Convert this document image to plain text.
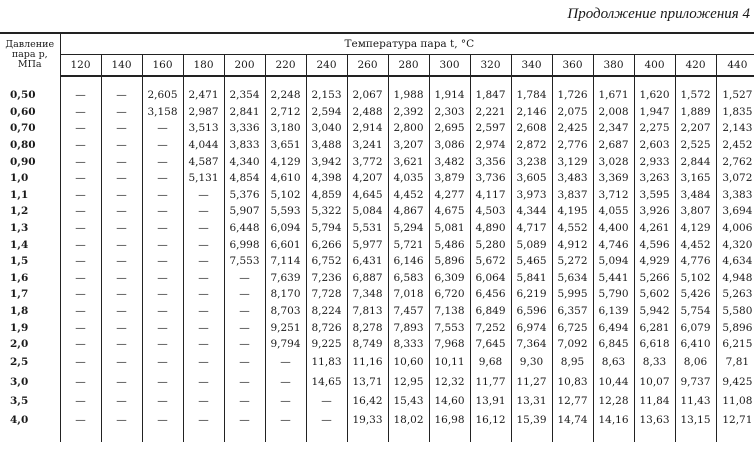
Продолжение приложения 4
Давление
пара p,
МПа	Температура пара t, °C																
	120	140	160	180	200	220	240	260	280	300	320	340	360	380	400	420	440
0,50	—	—	2,605	2,471	2,354	2,248	2,153	2,067	1,988	1,914	1,847	1,784	1,726	1,671	1,620	1,572	1,527
0,60	—	—	3,158	2,987	2,841	2,712	2,594	2,488	2,392	2,303	2,221	2,146	2,075	2,008	1,947	1,889	1,835
0,70	—	—	—	3,513	3,336	3,180	3,040	2,914	2,800	2,695	2,597	2,608	2,425	2,347	2,275	2,207	2,143
0,80	—	—	—	4,044	3,833	3,651	3,488	3,241	3,207	3,086	2,974	2,872	2,776	2,687	2,603	2,525	2,452
0,90	—	—	—	4,587	4,340	4,129	3,942	3,772	3,621	3,482	3,356	3,238	3,129	3,028	2,933	2,844	2,762
1,0	—	—	—	5,131	4,854	4,610	4,398	4,207	4,035	3,879	3,736	3,605	3,483	3,369	3,263	3,165	3,072
1,1	—	—	—	—	5,376	5,102	4,859	4,645	4,452	4,277	4,117	3,973	3,837	3,712	3,595	3,484	3,383
1,2	—	—	—	—	5,907	5,593	5,322	5,084	4,867	4,675	4,503	4,344	4,195	4,055	3,926	3,807	3,694
1,3	—	—	—	—	6,448	6,094	5,794	5,531	5,294	5,081	4,890	4,717	4,552	4,400	4,261	4,129	4,006
1,4	—	—	—	—	6,998	6,601	6,266	5,977	5,721	5,486	5,280	5,089	4,912	4,746	4,596	4,452	4,320
1,5	—	—	—	—	7,553	7,114	6,752	6,431	6,146	5,896	5,672	5,465	5,272	5,094	4,929	4,776	4,634
1,6	—	—	—	—	—	7,639	7,236	6,887	6,583	6,309	6,064	5,841	5,634	5,441	5,266	5,102	4,948
1,7	—	—	—	—	—	8,170	7,728	7,348	7,018	6,720	6,456	6,219	5,995	5,790	5,602	5,426	5,263
1,8	—	—	—	—	—	8,703	8,224	7,813	7,457	7,138	6,849	6,596	6,357	6,139	5,942	5,754	5,580
1,9	—	—	—	—	—	9,251	8,726	8,278	7,893	7,553	7,252	6,974	6,725	6,494	6,281	6,079	5,896
2,0	—	—	—	—	—	9,794	9,225	8,749	8,333	7,968	7,645	7,364	7,092	6,845	6,618	6,410	6,215
2,5	—	—	—	—	—	—	11,83	11,16	10,60	10,11	9,68	9,30	8,95	8,63	8,33	8,06	7,81
3,0	—	—	—	—	—	—	14,65	13,71	12,95	12,32	11,77	11,27	10,83	10,44	10,07	9,737	9,425
3,5	—	—	—	—	—	—	—	16,42	15,43	14,60	13,91	13,31	12,77	12,28	11,84	11,43	11,08
4,0	—	—	—	—	—	—	—	19,33	18,02	16,98	16,12	15,39	14,74	14,16	13,63	13,15	12,71
